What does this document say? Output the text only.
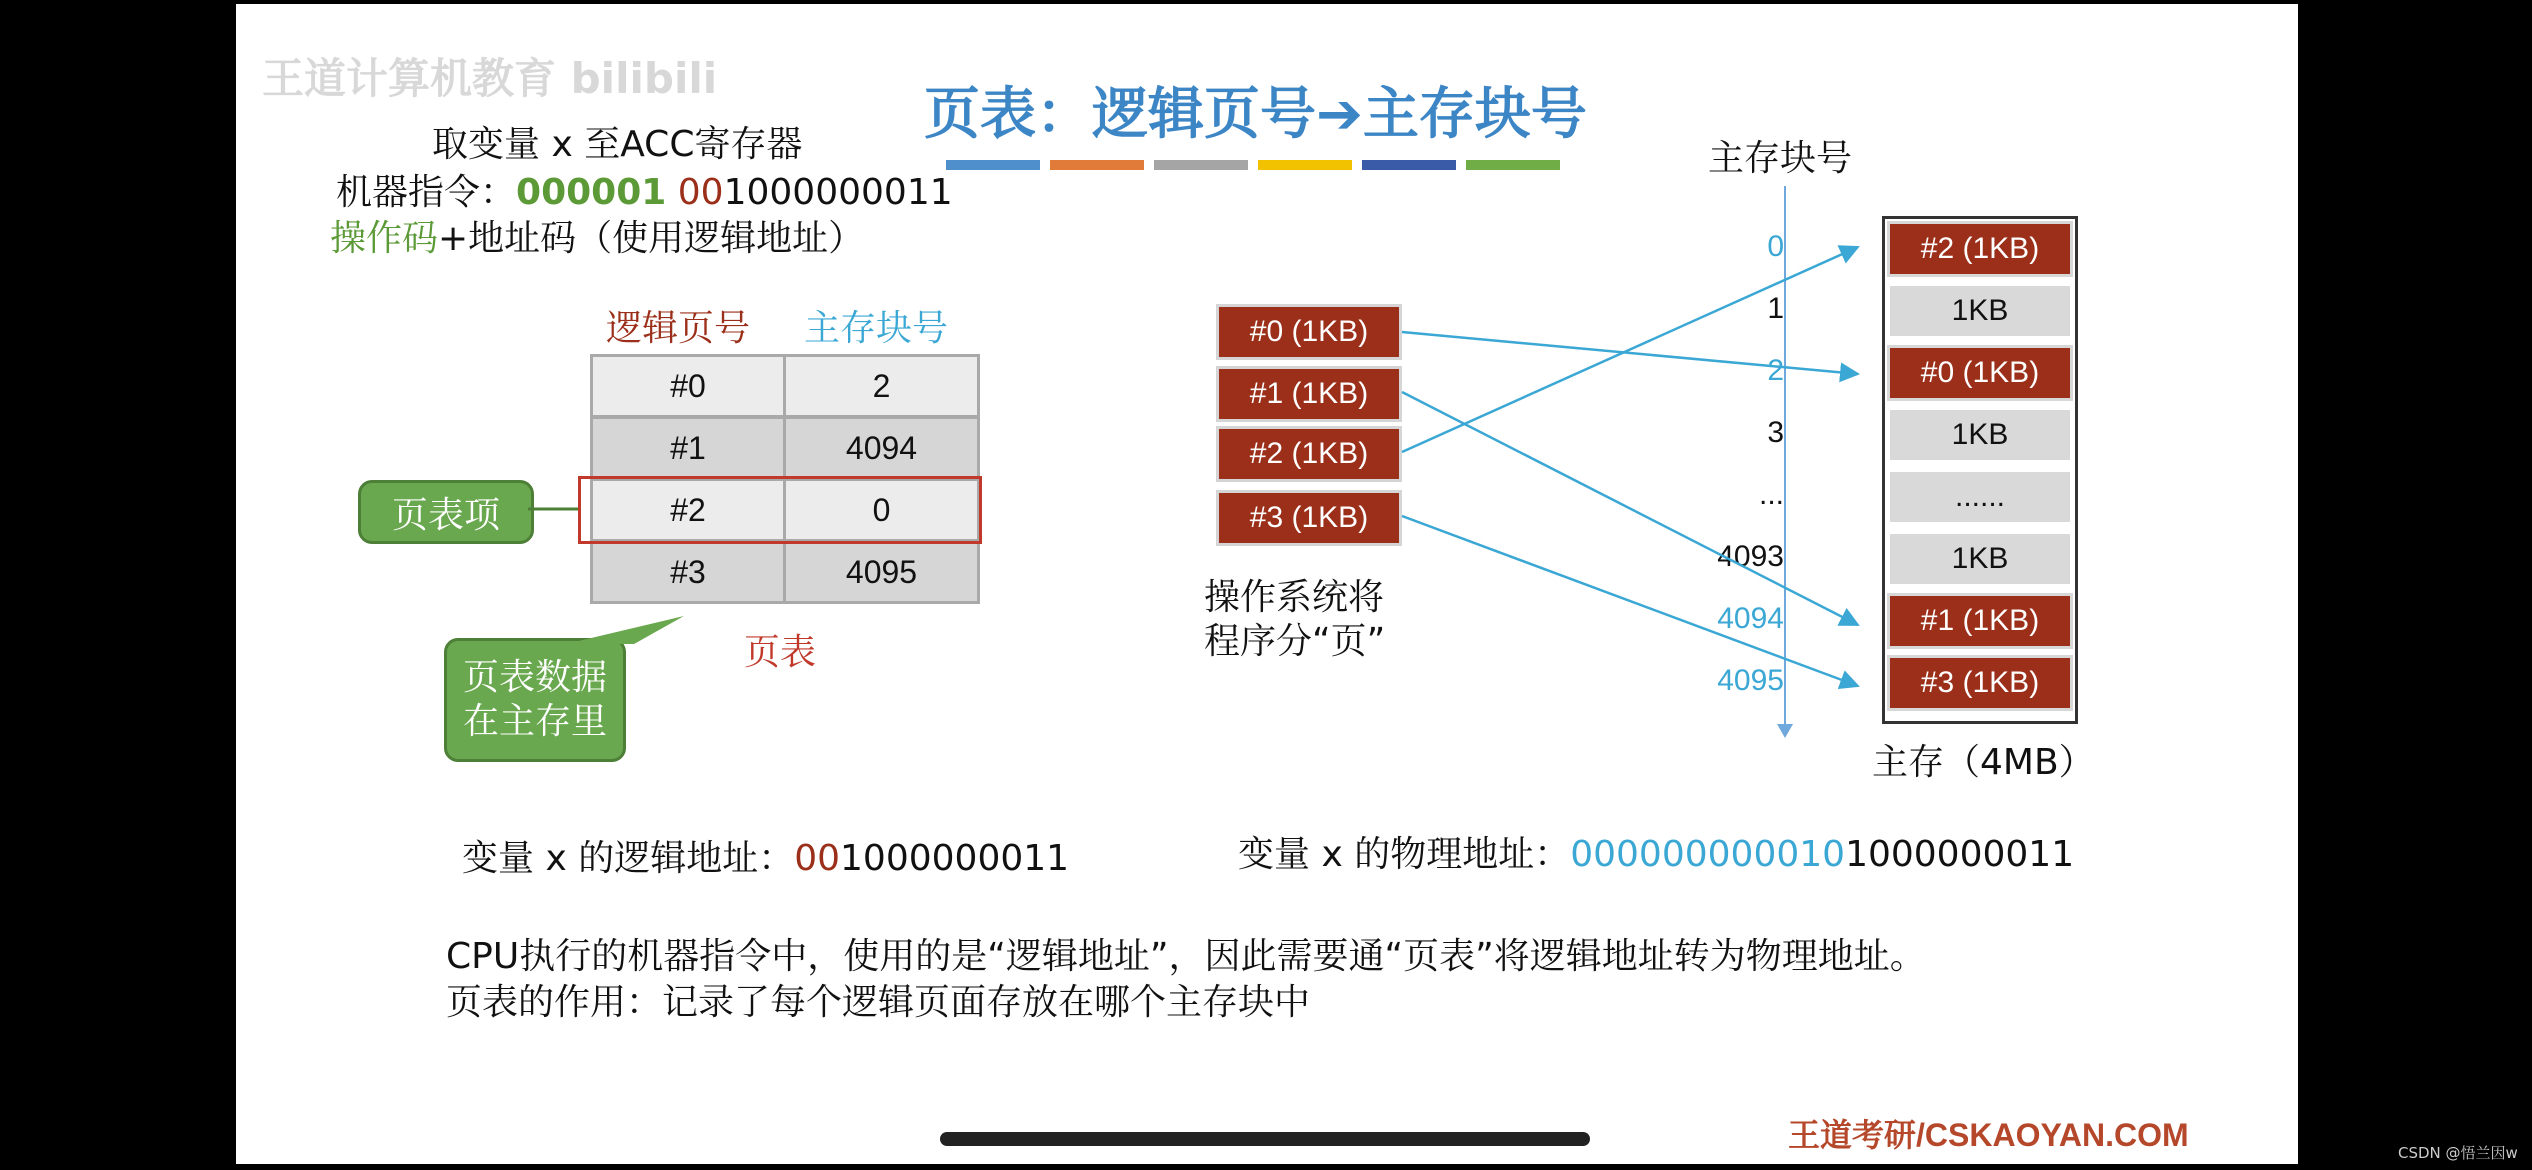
王道计算机教育 bilibili
页表：逻辑页号➔主存块号
取变量 x 至ACC寄存器
机器指令：000001 001000000011
操作码+地址码（使用逻辑地址）
逻辑页号 主存块号
#0	2
#1	4094
#2	0
#3	4095
页表
页表项
页表数据
在主存里
#0 (1KB)
#1 (1KB)
#2 (1KB)
#3 (1KB)
操作系统将
程序分“页”
主存块号
0
1
2
3
...
4093
4094
4095
#2 (1KB)
1KB
#0 (1KB)
1KB
......
1KB
#1 (1KB)
#3 (1KB)
主存（4MB）
变量 x 的逻辑地址：001000000011	变量 x 的物理地址：0000000000101000000011
CPU执行的机器指令中，使用的是“逻辑地址”，因此需要通“页表”将逻辑地址转为物理地址。
页表的作用：记录了每个逻辑页面存放在哪个主存块中
王道考研/CSKAOYAN.COM	CSDN @悟兰因w
